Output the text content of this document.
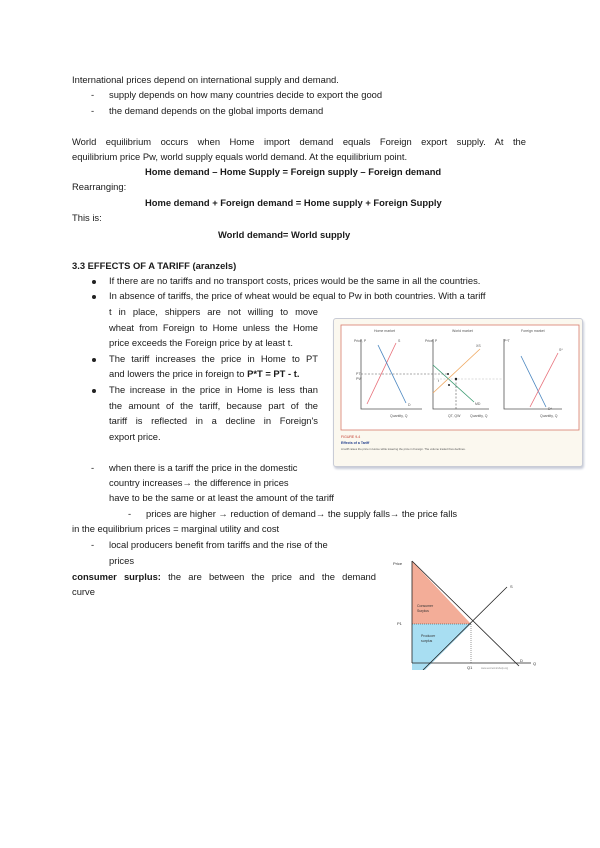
International prices depend on international supply and demand.
- supply depends on how many countries decide to export the good
- the demand depends on the global imports demand
World equilibrium occurs when Home import demand equals Foreign export supply. At the
equilibrium price Pw, world supply equals world demand. At the equilibrium point.
Home demand – Home Supply = Foreign supply – Foreign demand
Rearranging:
Home demand + Foreign demand = Home supply + Foreign Supply
This is:
World demand= World supply
3.3 EFFECTS OF A TARIFF (aranzels)
If there are no tariffs and no transport costs, prices would be the same in all the countries.
In absence of tariffs, the price of wheat would be equal to Pw in both countries. With a tariff
t in place, shippers are not willing to move
wheat from Foreign to Home unless the Home
price exceeds the Foreign price by at least t.
The tariff increases the price in Home to PT
and lowers the price in foreign to P*T = PT - t.
The increase in the price in Home is less than
the amount of the tariff, because part of the
tariff is reflected in a decline in Foreign's
export price.
- when there is a tariff the price in the domestic
country increases→ the difference in prices
have to be the same or at least the amount of the tariff
- prices are higher → reduction of demand→ the supply falls→ the price falls
in the equilibrium prices = marginal utility and cost
- local producers benefit from tariffs and the rise of the
prices
consumer surplus: the are between the price and the demand
curve
Home market	World market	Foreign market
Price, P	Price, P	P*T
PT
PW
S
D
XS
MD
t
S*
D*
Quantity, Q	QT, QW	Quantity, Q	Quantity, Q
FIGURE 9-4
Effects of a Tariff
A tariff raises the price in Home while lowering the price in Foreign. The volume traded thus declines.
Price
P1
Q1
Q
S
D
Consumer
Surplus
Producer
surplus
www.economicshelp.org
